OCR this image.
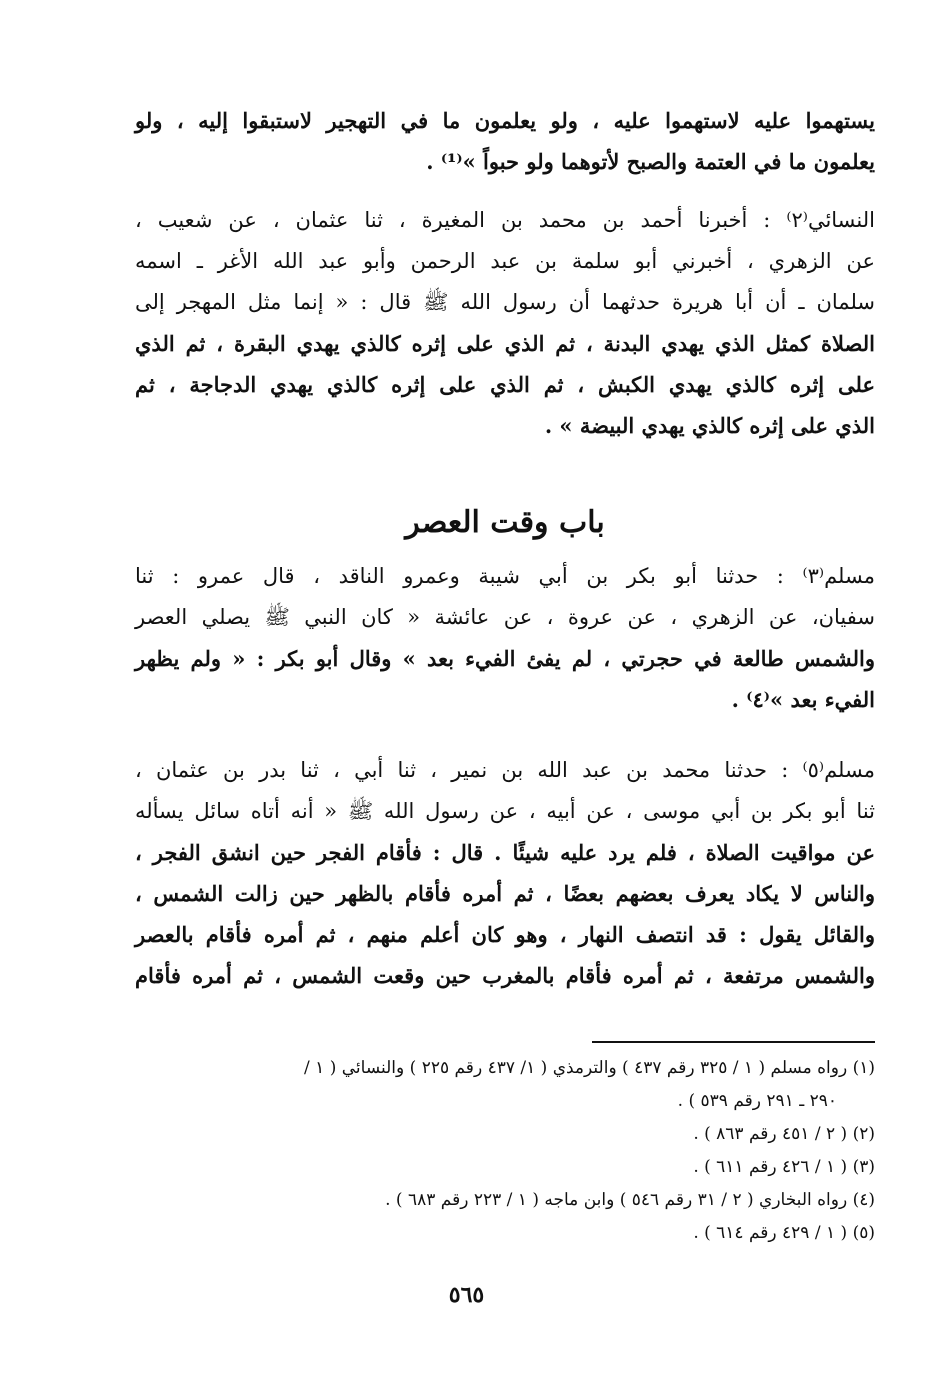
يستهموا عليه لاستهموا عليه ، ولو يعلمون ما في التهجير لاستبقوا إليه ، ولو
يعلمون ما في العتمة والصبح لأتوهما ولو حبواً »⁽¹⁾ .
النسائي⁽٢⁾ : أخبرنا أحمد بن محمد بن المغيرة ، ثنا عثمان ، عن شعيب ،
عن الزهري ، أخبرني أبو سلمة بن عبد الرحمن وأبو عبد الله الأغر ـ اسمه
سلمان ـ أن أبا هريرة حدثهما أن رسول الله ﷺ قال : « إنما مثل المهجر إلى
الصلاة كمثل الذي يهدي البدنة ، ثم الذي على إثره كالذي يهدي البقرة ، ثم الذي
على إثره كالذي يهدي الكبش ، ثم الذي على إثره كالذي يهدي الدجاجة ، ثم
الذي على إثره كالذي يهدي البيضة » .
باب وقت العصر
مسلم⁽٣⁾ : حدثنا أبو بكر بن أبي شيبة وعمرو الناقد ، قال عمرو : ثنا
سفيان، عن الزهري ، عن عروة ، عن عائشة « كان النبي ﷺ يصلي العصر
والشمس طالعة في حجرتي ، لم يفئ الفيء بعد » وقال أبو بكر : « ولم يظهر
الفيء بعد »⁽٤⁾ .
مسلم⁽٥⁾ : حدثنا محمد بن عبد الله بن نمير ، ثنا أبي ، ثنا بدر بن عثمان ،
ثنا أبو بكر بن أبي موسى ، عن أبيه ، عن رسول الله ﷺ « أنه أتاه سائل يسأله
عن مواقيت الصلاة ، فلم يرد عليه شيئًا . قال : فأقام الفجر حين انشق الفجر ،
والناس لا يكاد يعرف بعضهم بعضًا ، ثم أمره فأقام بالظهر حين زالت الشمس ،
والقائل يقول : قد انتصف النهار ، وهو كان أعلم منهم ، ثم أمره فأقام بالعصر
والشمس مرتفعة ، ثم أمره فأقام بالمغرب حين وقعت الشمس ، ثم أمره فأقام
(١) رواه مسلم ( ١ / ٣٢٥ رقم ٤٣٧ ) والترمذي ( ١/ ٤٣٧ رقم ٢٢٥ ) والنسائي ( ١ /
٢٩٠ ـ ٢٩١ رقم ٥٣٩ ) .
(٢) ( ٢ / ٤٥١ رقم ٨٦٣ ) .
(٣) ( ١ / ٤٢٦ رقم ٦١١ ) .
(٤) رواه البخاري ( ٢ / ٣١ رقم ٥٤٦ ) وابن ماجه ( ١ / ٢٢٣ رقم ٦٨٣ ) .
(٥) ( ١ / ٤٢٩ رقم ٦١٤ ) .
٥٦٥
